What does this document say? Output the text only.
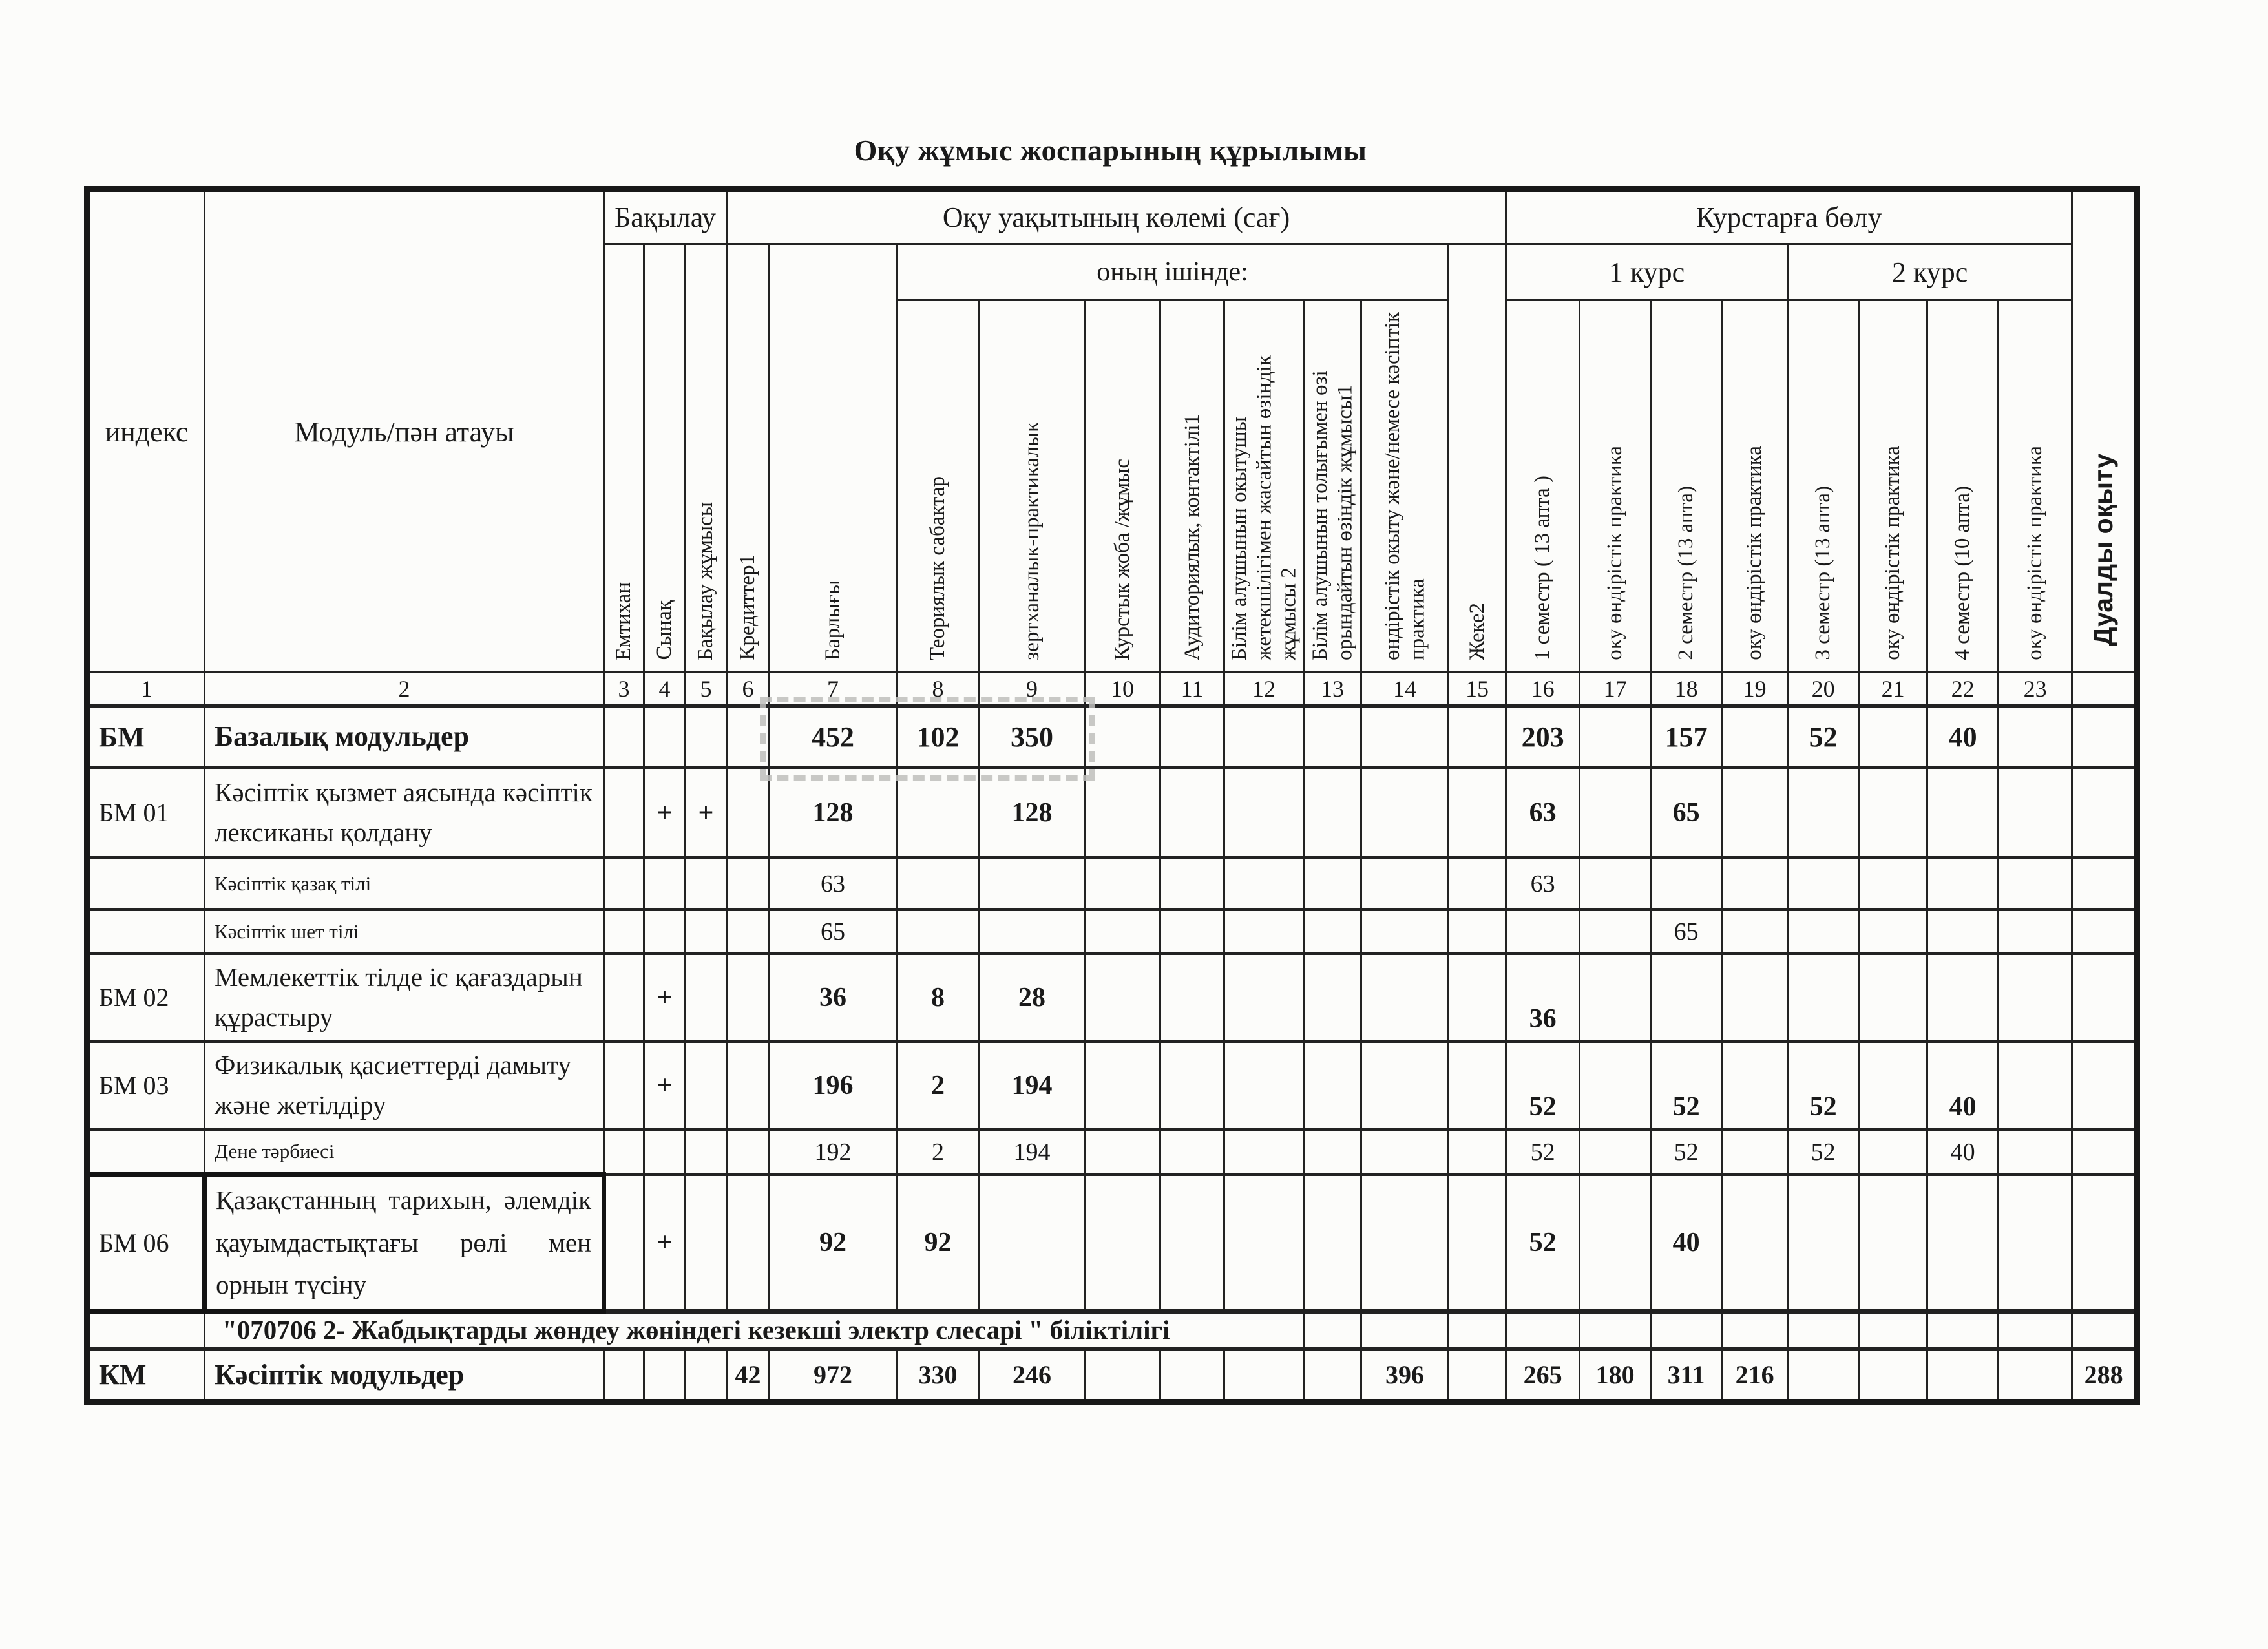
Оқу жұмыс жоспарының құрылымы
индекс	Модуль/пән атауы	Бақылау			Оқу уақытының көлемі (сағ)										Курстарға бөлу								Дуалды оқыту
		Емтихан	Сынақ	Бақылау жұмысы	Кредиттер1	Барлығы	оның ішінде:							Жеке2	1 курс				2 курс				
							Теориялык сабактар	зертханалык-практикалык	Курстык жоба /жұмыс	Аудиториялык, контактілі1	Білім алушынын окытушы жетекшілігімен жасайтын өзіндік жұмысы 2	Білім алушынын толығымен өзі орындайтын өзіндік жұмысы1	өндірістік окыту және/немесе кәсіптік практика		1 семестр ( 13 апта )	оку өндірістік практика	2 семестр (13 апта)	оку өндірістік практика	3 семестр (13 апта)	оку өндірістік практика	4 семестр (10 апта)	оку өндірістік практика	
1	2	3	4	5	6	7	8	9	10	11	12	13	14	15	16	17	18	19	20	21	22	23	
БМ	Базалық модульдер					452	102	350							203		157		52		40		
БМ 01	Кәсіптік қызмет аясында кәсіптік лексиканы қолдану		+	+		128		128							63		65						
	Кәсіптік қазақ тілі					63									63								
	Кәсіптік шет тілі					65											65						
БМ 02	Мемлекеттік тілде іс қағаздарын құрастыру		+			36	8	28							36								
БМ 03	Физикалық қасиеттерді дамыту және жетілдіру		+			196	2	194							52		52		52		40		
	Дене тәрбиесі					192	2	194							52		52		52		40		
БМ 06	Қазақстанның тарихын, әлемдік қауымдастықтағы рөлі мен орнын түсіну		+			92	92								52		40						
	"070706 2- Жабдықтарды жөндеу жөніндегі кезекші электр слесарі " біліктілігі																						
КМ	Кәсіптік модульдер				42	972	330	246					396		265	180	311	216					288
